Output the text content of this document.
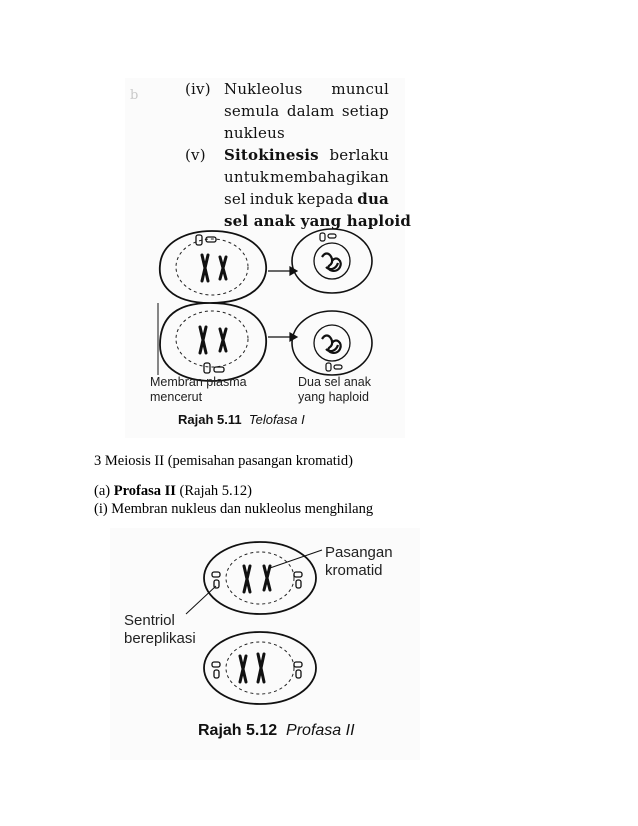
b	(iv) Nukleolus muncul
semula dalam setiap
nukleus
(v) Sitokinesis berlaku
untuk membahagikan
sel induk kepada dua
sel anak yang haploid
Membran plasma
mencerut
Dua sel anak
yang haploid
Rajah 5.11 Telofasa I
3 Meiosis II (pemisahan pasangan kromatid)
(a) Profasa II (Rajah 5.12)
(i) Membran nukleus dan nukleolus menghilang
Pasangan
kromatid
Sentriol
bereplikasi
Rajah 5.12 Profasa II
